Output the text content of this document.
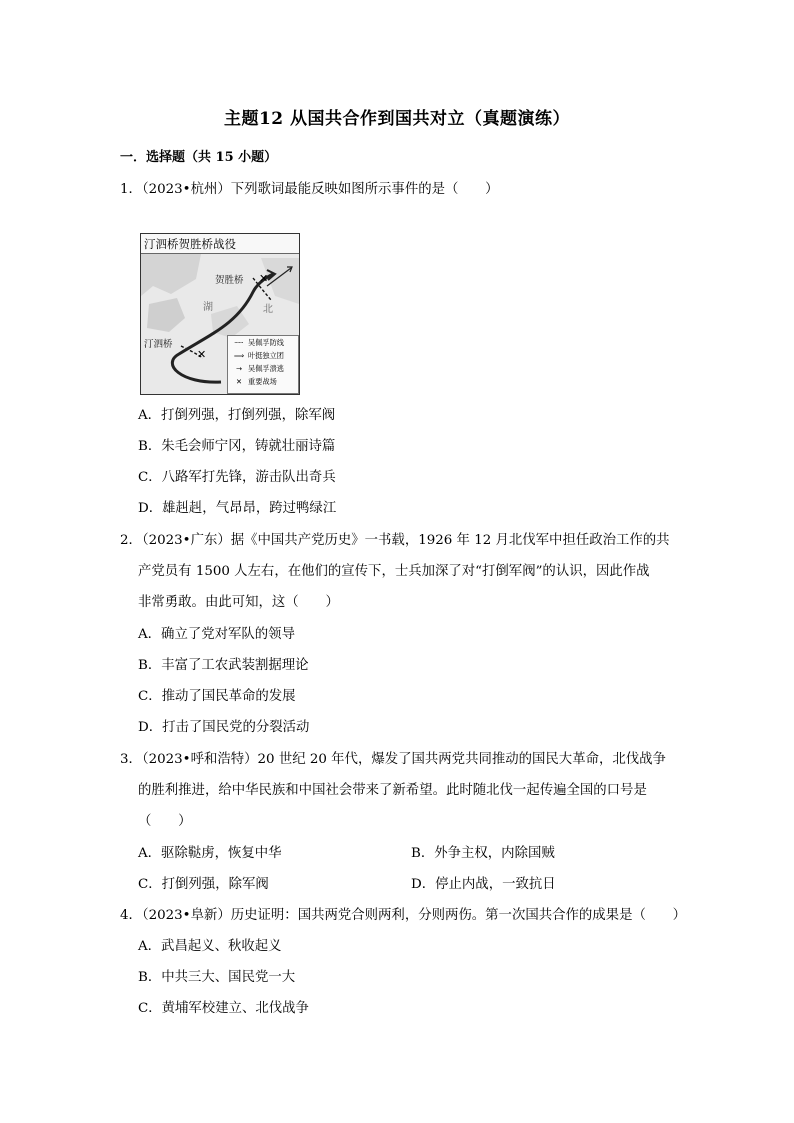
主题12 从国共合作到国共对立（真题演练）
一．选择题（共 15 小题）
1．（2023•杭州）下列歌词最能反映如图所示事件的是（　　）
汀泗桥贺胜桥战役
✕
✕
贺胜桥
汀泗桥
湖	北
┄┄ 吴佩孚防线
⟹ 叶挺独立团
→ 吴佩孚溃逃
✕ 重要战场
A．打倒列强，打倒列强，除军阀
B．朱毛会师宁冈，铸就壮丽诗篇
C．八路军打先锋，游击队出奇兵
D．雄赳赳，气昂昂，跨过鸭绿江
2．（2023•广东）据《中国共产党历史》一书载，1926 年 12 月北伐军中担任政治工作的共
产党员有 1500 人左右，在他们的宣传下，士兵加深了对“打倒军阀”的认识，因此作战
非常勇敢。由此可知，这（　　）
A．确立了党对军队的领导
B．丰富了工农武装割据理论
C．推动了国民革命的发展
D．打击了国民党的分裂活动
3．（2023•呼和浩特）20 世纪 20 年代，爆发了国共两党共同推动的国民大革命，北伐战争
的胜利推进，给中华民族和中国社会带来了新希望。此时随北伐一起传遍全国的口号是
（　　）
A．驱除鞑虏，恢复中华	B．外争主权，内除国贼
C．打倒列强，除军阀	D．停止内战，一致抗日
4．（2023•阜新）历史证明：国共两党合则两利，分则两伤。第一次国共合作的成果是（　　）
A．武昌起义、秋收起义
B．中共三大、国民党一大
C．黄埔军校建立、北伐战争
